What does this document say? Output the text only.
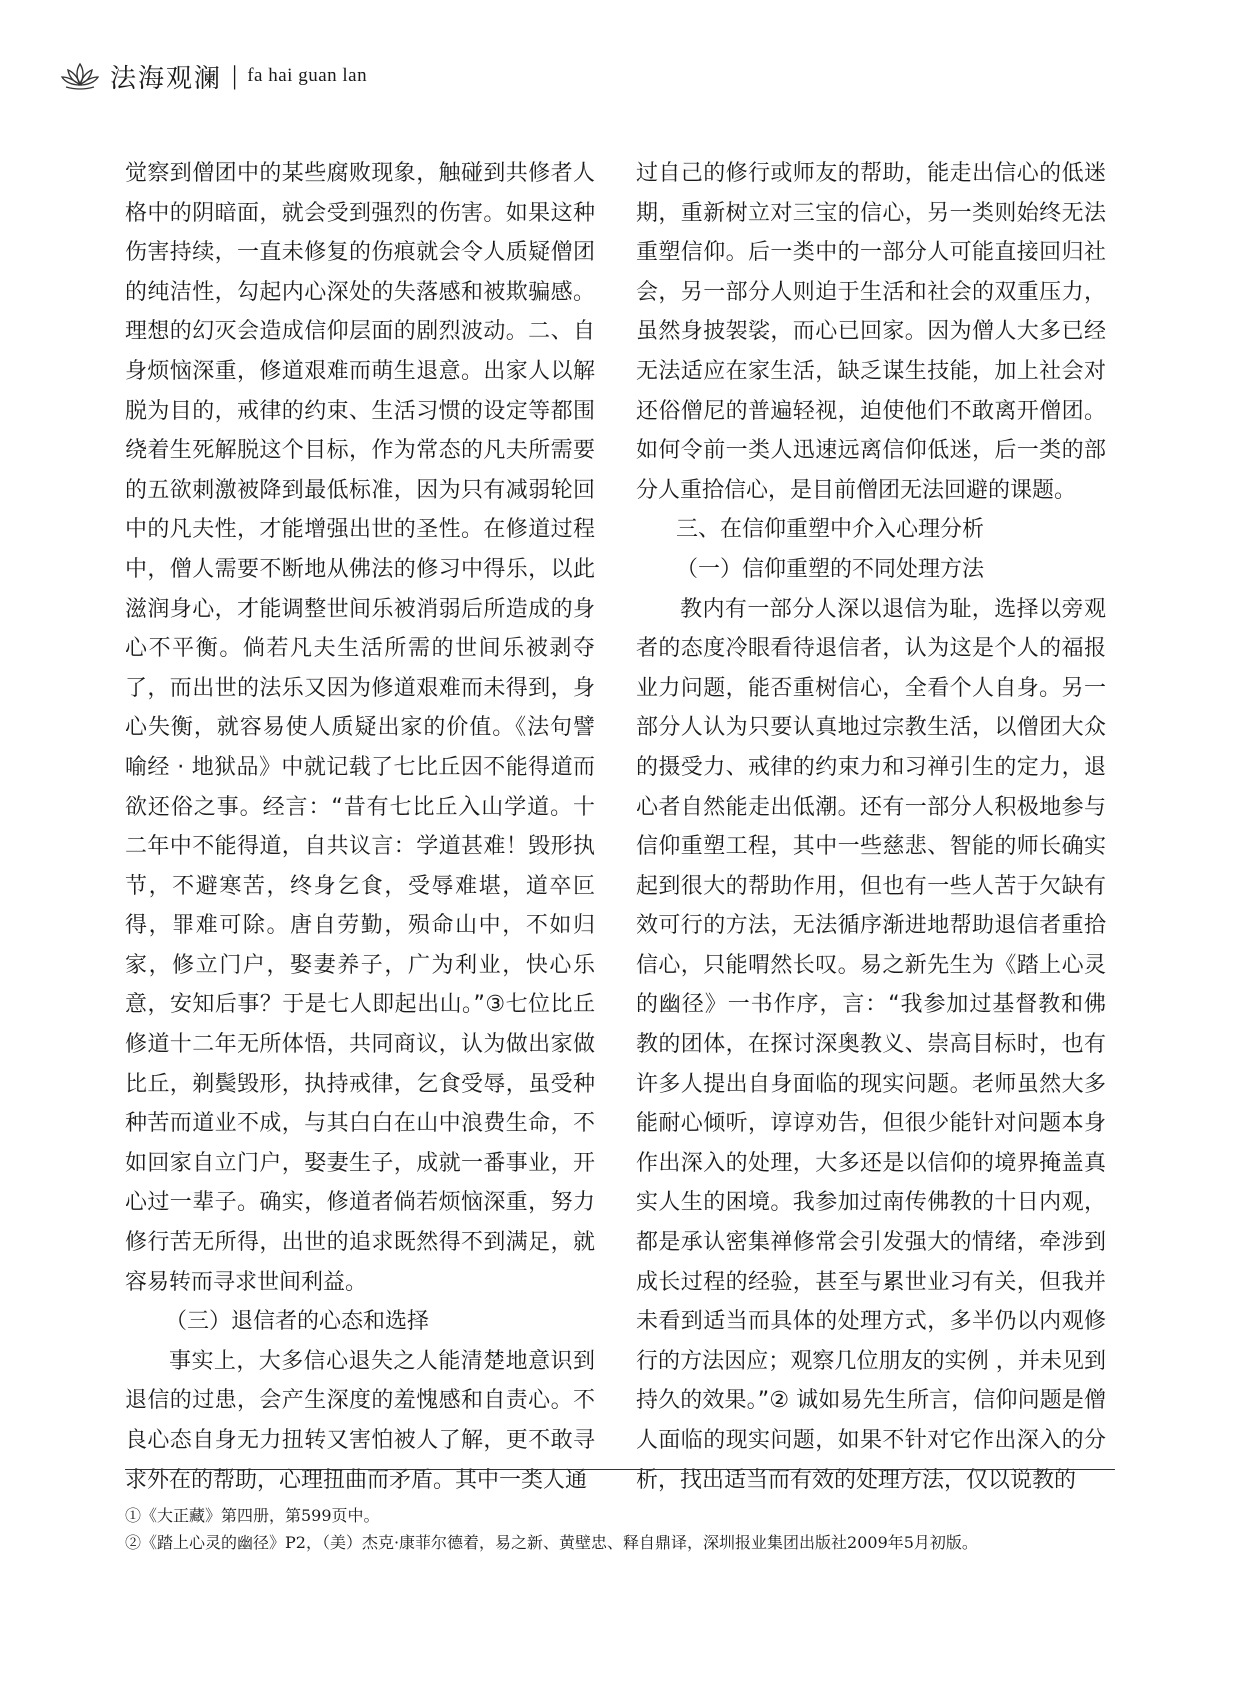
法海观澜 | fa hai guan lan

觉察到僧团中的某些腐败现象，触碰到共修者人格中的阴暗面，就会受到强烈的伤害。如果这种伤害持续，一直未修复的伤痕就会令人质疑僧团的纯洁性，勾起内心深处的失落感和被欺骗感。理想的幻灭会造成信仰层面的剧烈波动。二、自身烦恼深重，修道艰难而萌生退意。出家人以解脱为目的，戒律的约束、生活习惯的设定等都围绕着生死解脱这个目标，作为常态的凡夫所需要的五欲刺激被降到最低标准，因为只有减弱轮回中的凡夫性，才能增强出世的圣性。在修道过程中，僧人需要不断地从佛法的修习中得乐，以此滋润身心，才能调整世间乐被消弱后所造成的身心不平衡。倘若凡夫生活所需的世间乐被剥夺了，而出世的法乐又因为修道艰难而未得到，身心失衡，就容易使人质疑出家的价值。《法句譬喻经 · 地狱品》中就记载了七比丘因不能得道而欲还俗之事。经言：“昔有七比丘入山学道。十二年中不能得道，自共议言：学道甚难！毁形执节，不避寒苦，终身乞食，受辱难堪，道卒叵得，罪难可除。唐自劳勤，殒命山中，不如归家，修立门户，娶妻养子，广为利业，快心乐意，安知后事？于是七人即起出山。”③七位比丘修道十二年无所体悟，共同商议，认为做出家做比丘，剃鬓毁形，执持戒律，乞食受辱，虽受种种苦而道业不成，与其白白在山中浪费生命，不如回家自立门户，娶妻生子，成就一番事业，开心过一辈子。确实，修道者倘若烦恼深重，努力修行苦无所得，出世的追求既然得不到满足，就容易转而寻求世间利益。

（三）退信者的心态和选择

事实上，大多信心退失之人能清楚地意识到退信的过患，会产生深度的羞愧感和自责心。不良心态自身无力扭转又害怕被人了解，更不敢寻求外在的帮助，心理扭曲而矛盾。其中一类人通

过自己的修行或师友的帮助，能走出信心的低迷期，重新树立对三宝的信心，另一类则始终无法重塑信仰。后一类中的一部分人可能直接回归社会，另一部分人则迫于生活和社会的双重压力，虽然身披袈裟，而心已回家。因为僧人大多已经无法适应在家生活，缺乏谋生技能，加上社会对还俗僧尼的普遍轻视，迫使他们不敢离开僧团。如何令前一类人迅速远离信仰低迷，后一类的部分人重拾信心，是目前僧团无法回避的课题。

三、在信仰重塑中介入心理分析

（一）信仰重塑的不同处理方法

教内有一部分人深以退信为耻，选择以旁观者的态度冷眼看待退信者，认为这是个人的福报业力问题，能否重树信心，全看个人自身。另一部分人认为只要认真地过宗教生活，以僧团大众的摄受力、戒律的约束力和习禅引生的定力，退心者自然能走出低潮。还有一部分人积极地参与信仰重塑工程，其中一些慈悲、智能的师长确实起到很大的帮助作用，但也有一些人苦于欠缺有效可行的方法，无法循序渐进地帮助退信者重拾信心，只能喟然长叹。易之新先生为《踏上心灵的幽径》一书作序，言：“我参加过基督教和佛教的团体，在探讨深奥教义、崇高目标时，也有许多人提出自身面临的现实问题。老师虽然大多能耐心倾听，谆谆劝告，但很少能针对问题本身作出深入的处理，大多还是以信仰的境界掩盖真实人生的困境。我参加过南传佛教的十日内观，都是承认密集禅修常会引发强大的情绪，牵涉到成长过程的经验，甚至与累世业习有关，但我并未看到适当而具体的处理方式，多半仍以内观修行的方法因应；观察几位朋友的实例 ，并未见到持久的效果。”② 诚如易先生所言，信仰问题是僧人面临的现实问题，如果不针对它作出深入的分析，找出适当而有效的处理方法，仅以说教的

①《大正藏》第四册，第599页中。

②《踏上心灵的幽径》P2，（美）杰克·康菲尔德着，易之新、黄壁忠、释自鼎译，深圳报业集团出版社2009年5月初版。
